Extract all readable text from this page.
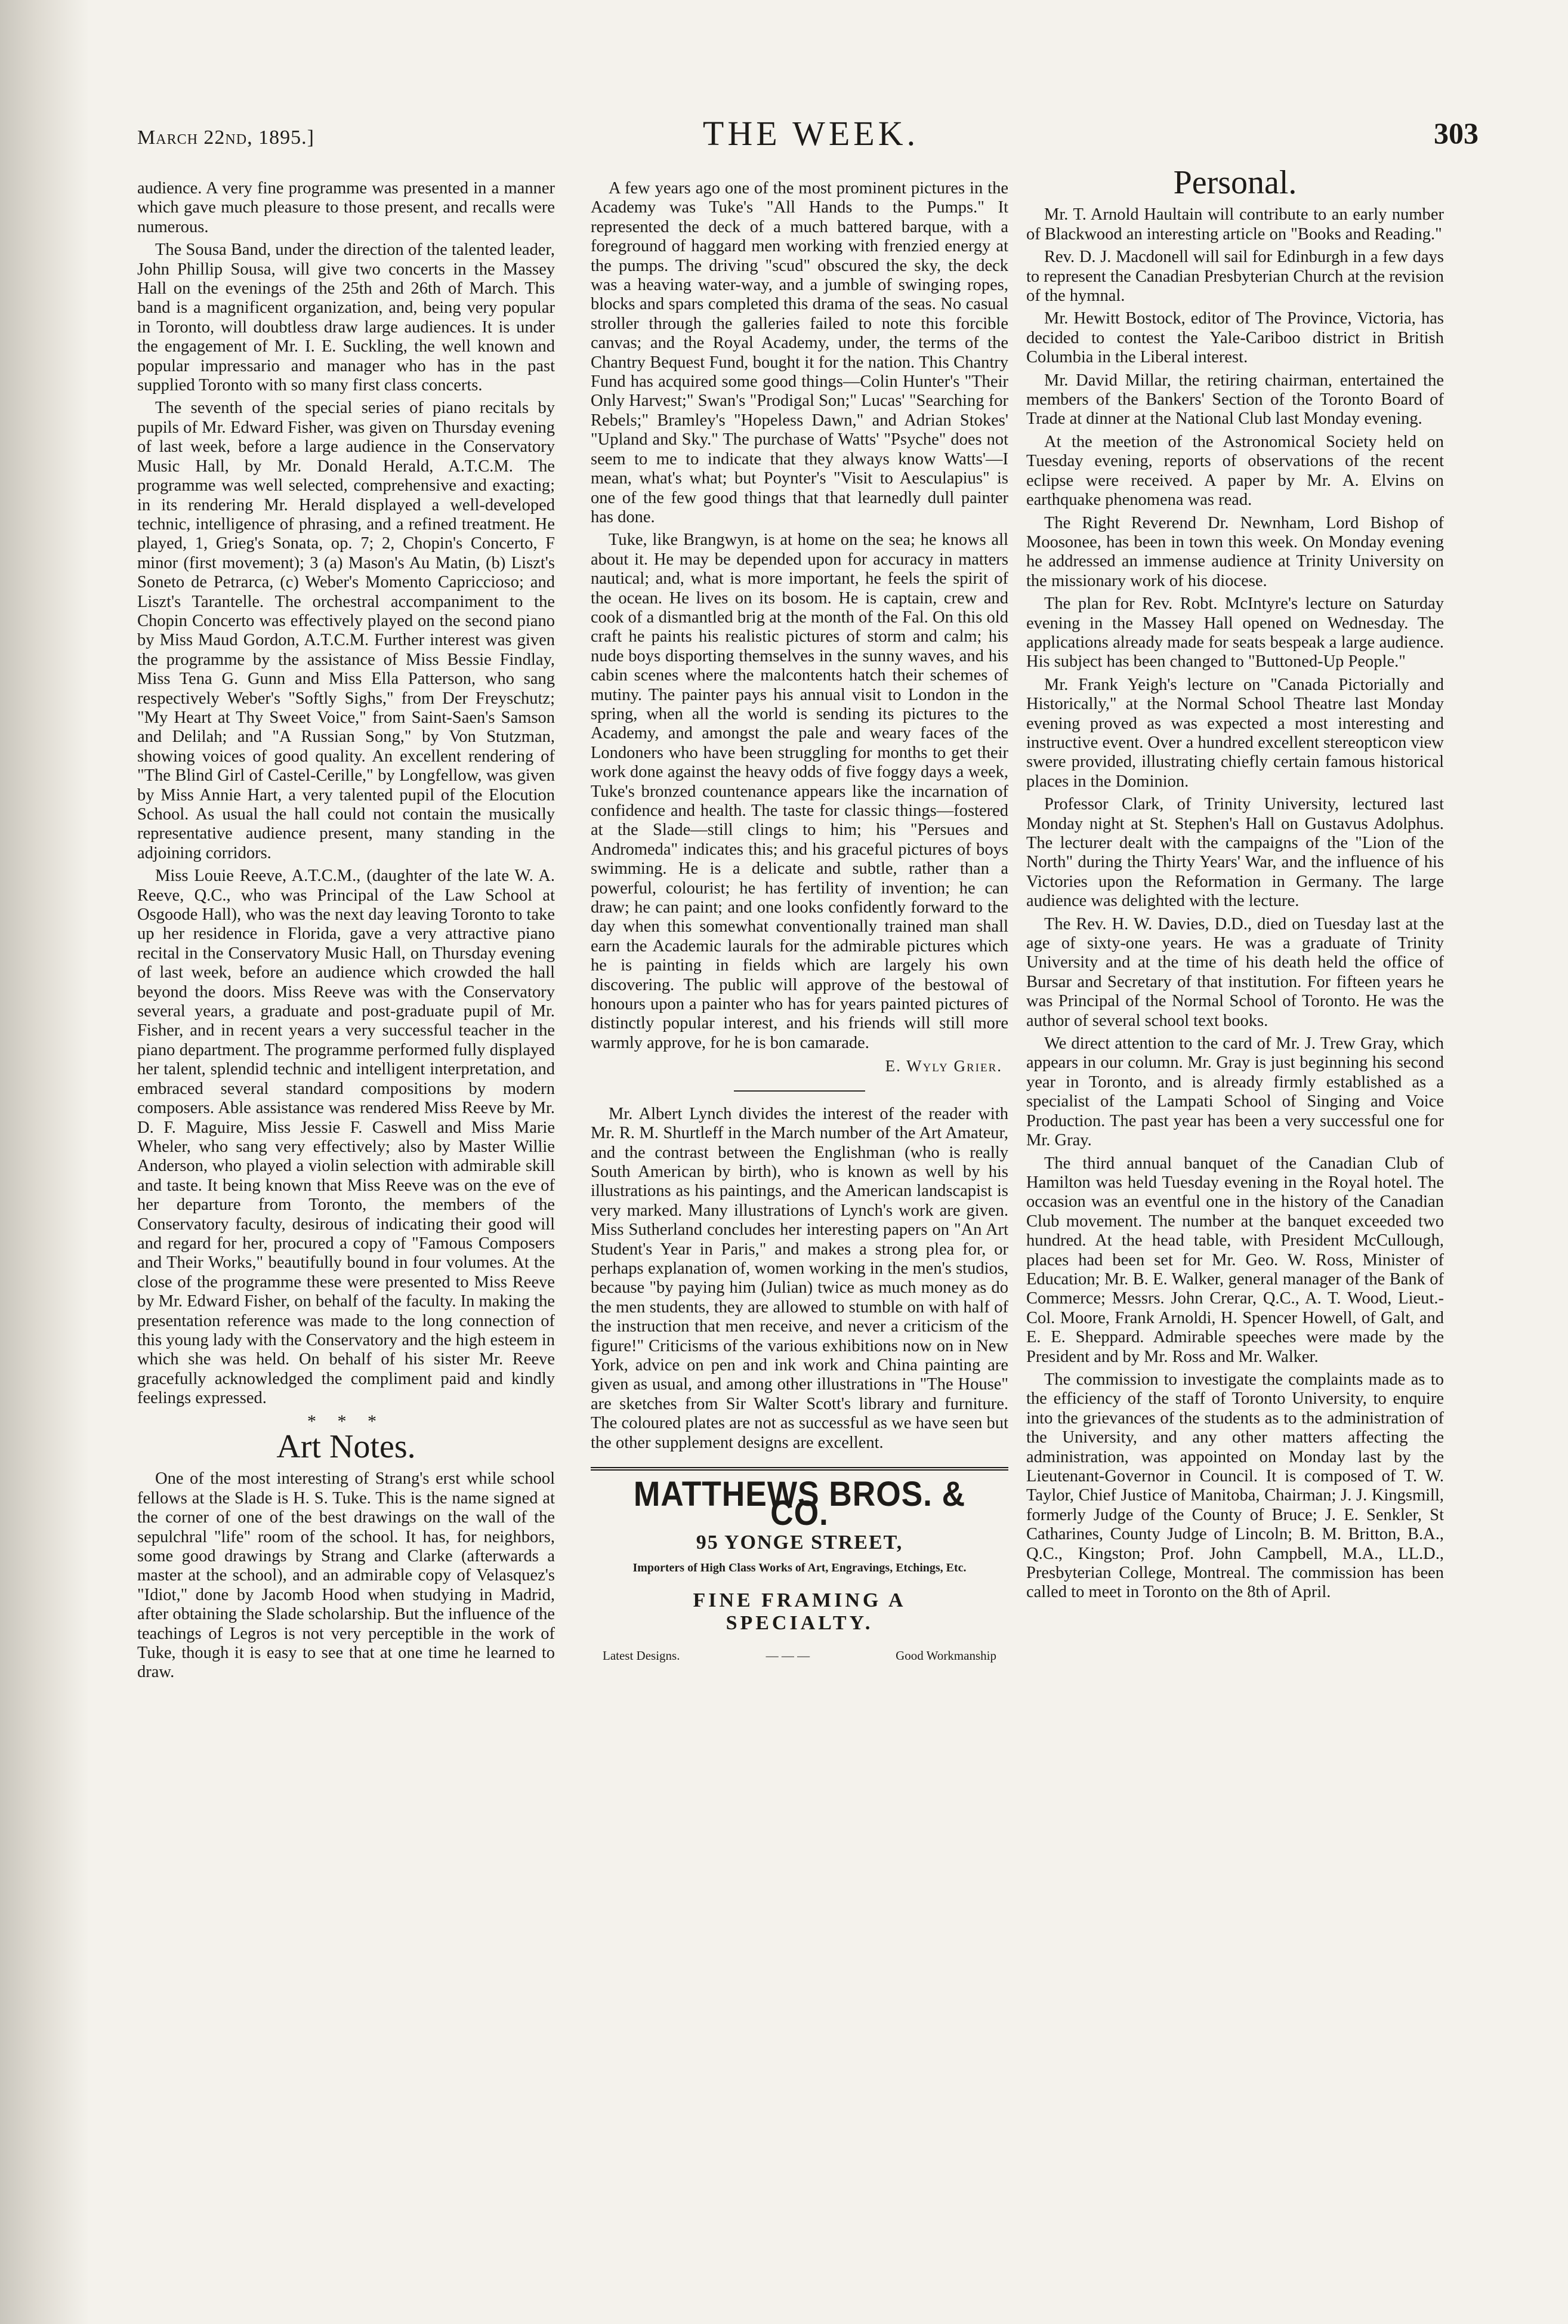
March 22nd, 1895.]	THE WEEK.	303

audience. A very fine programme was presented in a manner which gave much pleasure to those present, and recalls were numerous.

The Sousa Band, under the direction of the talented leader, John Phillip Sousa, will give two concerts in the Massey Hall on the evenings of the 25th and 26th of March. This band is a magnificent organization, and, being very popular in Toronto, will doubtless draw large audiences. It is under the engagement of Mr. I. E. Suckling, the well known and popular impressario and manager who has in the past supplied Toronto with so many first class concerts.

The seventh of the special series of piano recitals by pupils of Mr. Edward Fisher, was given on Thursday evening of last week, before a large audience in the Conservatory Music Hall, by Mr. Donald Herald, A.T.C.M. The programme was well selected, comprehensive and exacting; in its rendering Mr. Herald displayed a well-developed technic, intelligence of phrasing, and a refined treatment. He played, 1, Grieg's Sonata, op. 7; 2, Chopin's Concerto, F minor (first movement); 3 (a) Mason's Au Matin, (b) Liszt's Soneto de Petrarca, (c) Weber's Momento Capriccioso; and Liszt's Tarantelle. The orchestral accompaniment to the Chopin Concerto was effectively played on the second piano by Miss Maud Gordon, A.T.C.M. Further interest was given the programme by the assistance of Miss Bessie Findlay, Miss Tena G. Gunn and Miss Ella Patterson, who sang respectively Weber's "Softly Sighs," from Der Freyschutz; "My Heart at Thy Sweet Voice," from Saint-Saen's Samson and Delilah; and "A Russian Song," by Von Stutzman, showing voices of good quality. An excellent rendering of "The Blind Girl of Castel-Cerille," by Longfellow, was given by Miss Annie Hart, a very talented pupil of the Elocution School. As usual the hall could not contain the musically representative audience present, many standing in the adjoining corridors.

Miss Louie Reeve, A.T.C.M., (daughter of the late W. A. Reeve, Q.C., who was Principal of the Law School at Osgoode Hall), who was the next day leaving Toronto to take up her residence in Florida, gave a very attractive piano recital in the Conservatory Music Hall, on Thursday evening of last week, before an audience which crowded the hall beyond the doors. Miss Reeve was with the Conservatory several years, a graduate and post-graduate pupil of Mr. Fisher, and in recent years a very successful teacher in the piano department. The programme performed fully displayed her talent, splendid technic and intelligent interpretation, and embraced several standard compositions by modern composers. Able assistance was rendered Miss Reeve by Mr. D. F. Maguire, Miss Jessie F. Caswell and Miss Marie Wheler, who sang very effectively; also by Master Willie Anderson, who played a violin selection with admirable skill and taste. It being known that Miss Reeve was on the eve of her departure from Toronto, the members of the Conservatory faculty, desirous of indicating their good will and regard for her, procured a copy of "Famous Composers and Their Works," beautifully bound in four volumes. At the close of the programme these were presented to Miss Reeve by Mr. Edward Fisher, on behalf of the faculty. In making the presentation reference was made to the long connection of this young lady with the Conservatory and the high esteem in which she was held. On behalf of his sister Mr. Reeve gracefully acknowledged the compliment paid and kindly feelings expressed.

* * *
Art Notes.

One of the most interesting of Strang's erst while school fellows at the Slade is H. S. Tuke. This is the name signed at the corner of one of the best drawings on the wall of the sepulchral "life" room of the school. It has, for neighbors, some good drawings by Strang and Clarke (afterwards a master at the school), and an admirable copy of Velasquez's "Idiot," done by Jacomb Hood when studying in Madrid, after obtaining the Slade scholarship. But the influence of the teachings of Legros is not very perceptible in the work of Tuke, though it is easy to see that at one time he learned to draw.

A few years ago one of the most prominent pictures in the Academy was Tuke's "All Hands to the Pumps." It represented the deck of a much battered barque, with a foreground of haggard men working with frenzied energy at the pumps. The driving "scud" obscured the sky, the deck was a heaving water-way, and a jumble of swinging ropes, blocks and spars completed this drama of the seas. No casual stroller through the galleries failed to note this forcible canvas; and the Royal Academy, under, the terms of the Chantry Bequest Fund, bought it for the nation. This Chantry Fund has acquired some good things—Colin Hunter's "Their Only Harvest;" Swan's "Prodigal Son;" Lucas' "Searching for Rebels;" Bramley's "Hopeless Dawn," and Adrian Stokes' "Upland and Sky." The purchase of Watts' "Psyche" does not seem to me to indicate that they always know Watts'—I mean, what's what; but Poynter's "Visit to Aesculapius" is one of the few good things that that learnedly dull painter has done.

Tuke, like Brangwyn, is at home on the sea; he knows all about it. He may be depended upon for accuracy in matters nautical; and, what is more important, he feels the spirit of the ocean. He lives on its bosom. He is captain, crew and cook of a dismantled brig at the month of the Fal. On this old craft he paints his realistic pictures of storm and calm; his nude boys disporting themselves in the sunny waves, and his cabin scenes where the malcontents hatch their schemes of mutiny. The painter pays his annual visit to London in the spring, when all the world is sending its pictures to the Academy, and amongst the pale and weary faces of the Londoners who have been struggling for months to get their work done against the heavy odds of five foggy days a week, Tuke's bronzed countenance appears like the incarnation of confidence and health. The taste for classic things—fostered at the Slade—still clings to him; his "Persues and Andromeda" indicates this; and his graceful pictures of boys swimming. He is a delicate and subtle, rather than a powerful, colourist; he has fertility of invention; he can draw; he can paint; and one looks confidently forward to the day when this somewhat conventionally trained man shall earn the Academic laurals for the admirable pictures which he is painting in fields which are largely his own discovering. The public will approve of the bestowal of honours upon a painter who has for years painted pictures of distinctly popular interest, and his friends will still more warmly approve, for he is bon camarade.

E. Wyly Grier.

Mr. Albert Lynch divides the interest of the reader with Mr. R. M. Shurtleff in the March number of the Art Amateur, and the contrast between the Englishman (who is really South American by birth), who is known as well by his illustrations as his paintings, and the American landscapist is very marked. Many illustrations of Lynch's work are given. Miss Sutherland concludes her interesting papers on "An Art Student's Year in Paris," and makes a strong plea for, or perhaps explanation of, women working in the men's studios, because "by paying him (Julian) twice as much money as do the men students, they are allowed to stumble on with half of the instruction that men receive, and never a criticism of the figure!" Criticisms of the various exhibitions now on in New York, advice on pen and ink work and China painting are given as usual, and among other illustrations in "The House" are sketches from Sir Walter Scott's library and furniture. The coloured plates are not as successful as we have seen but the other supplement designs are excellent.

MATTHEWS BROS. & CO.
95 YONGE STREET,
Importers of High Class Works of Art, Engravings, Etchings, Etc.
FINE FRAMING A
SPECIALTY.
Latest Designs.	— — —	Good Workmanship
Personal.

Mr. T. Arnold Haultain will contribute to an early number of Blackwood an interesting article on "Books and Reading."

Rev. D. J. Macdonell will sail for Edinburgh in a few days to represent the Canadian Presbyterian Church at the revision of the hymnal.

Mr. Hewitt Bostock, editor of The Province, Victoria, has decided to contest the Yale-Cariboo district in British Columbia in the Liberal interest.

Mr. David Millar, the retiring chairman, entertained the members of the Bankers' Section of the Toronto Board of Trade at dinner at the National Club last Monday evening.

At the meetion of the Astronomical Society held on Tuesday evening, reports of observations of the recent eclipse were received. A paper by Mr. A. Elvins on earthquake phenomena was read.

The Right Reverend Dr. Newnham, Lord Bishop of Moosonee, has been in town this week. On Monday evening he addressed an immense audience at Trinity University on the missionary work of his diocese.

The plan for Rev. Robt. McIntyre's lecture on Saturday evening in the Massey Hall opened on Wednesday. The applications already made for seats bespeak a large audience. His subject has been changed to "Buttoned-Up People."

Mr. Frank Yeigh's lecture on "Canada Pictorially and Historically," at the Normal School Theatre last Monday evening proved as was expected a most interesting and instructive event. Over a hundred excellent stereopticon view swere provided, illustrating chiefly certain famous historical places in the Dominion.

Professor Clark, of Trinity University, lectured last Monday night at St. Stephen's Hall on Gustavus Adolphus. The lecturer dealt with the campaigns of the "Lion of the North" during the Thirty Years' War, and the influence of his Victories upon the Reformation in Germany. The large audience was delighted with the lecture.

The Rev. H. W. Davies, D.D., died on Tuesday last at the age of sixty-one years. He was a graduate of Trinity University and at the time of his death held the office of Bursar and Secretary of that institution. For fifteen years he was Principal of the Normal School of Toronto. He was the author of several school text books.

We direct attention to the card of Mr. J. Trew Gray, which appears in our column. Mr. Gray is just beginning his second year in Toronto, and is already firmly established as a specialist of the Lampati School of Singing and Voice Production. The past year has been a very successful one for Mr. Gray.

The third annual banquet of the Canadian Club of Hamilton was held Tuesday evening in the Royal hotel. The occasion was an eventful one in the history of the Canadian Club movement. The number at the banquet exceeded two hundred. At the head table, with President McCullough, places had been set for Mr. Geo. W. Ross, Minister of Education; Mr. B. E. Walker, general manager of the Bank of Commerce; Messrs. John Crerar, Q.C., A. T. Wood, Lieut.-Col. Moore, Frank Arnoldi, H. Spencer Howell, of Galt, and E. E. Sheppard. Admirable speeches were made by the President and by Mr. Ross and Mr. Walker.

The commission to investigate the complaints made as to the efficiency of the staff of Toronto University, to enquire into the grievances of the students as to the administration of the University, and any other matters affecting the administration, was appointed on Monday last by the Lieutenant-Governor in Council. It is composed of T. W. Taylor, Chief Justice of Manitoba, Chairman; J. J. Kingsmill, formerly Judge of the County of Bruce; J. E. Senkler, St Catharines, County Judge of Lincoln; B. M. Britton, B.A., Q.C., Kingston; Prof. John Campbell, M.A., LL.D., Presbyterian College, Montreal. The commission has been called to meet in Toronto on the 8th of April.
